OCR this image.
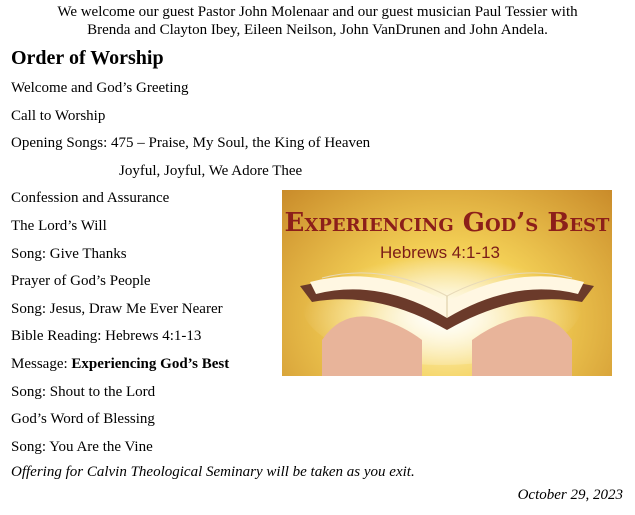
We welcome our guest Pastor John Molenaar and our guest musician Paul Tessier with
Brenda and Clayton Ibey, Eileen Neilson, John VanDrunen and John Andela.
Order of Worship
Welcome and God’s Greeting
Call to Worship
Opening Songs: 475 – Praise, My Soul, the King of Heaven
Joyful, Joyful, We Adore Thee
Confession and Assurance
The Lord’s Will
Song: Give Thanks
Prayer of God’s People
Song: Jesus, Draw Me Ever Nearer
Bible Reading: Hebrews 4:1-13
Message: Experiencing God’s Best
Song: Shout to the Lord
God’s Word of Blessing
Song: You Are the Vine
Offering for Calvin Theological Seminary will be taken as you exit.
October 29, 2023
Experiencing God’s Best
Hebrews 4:1-13
